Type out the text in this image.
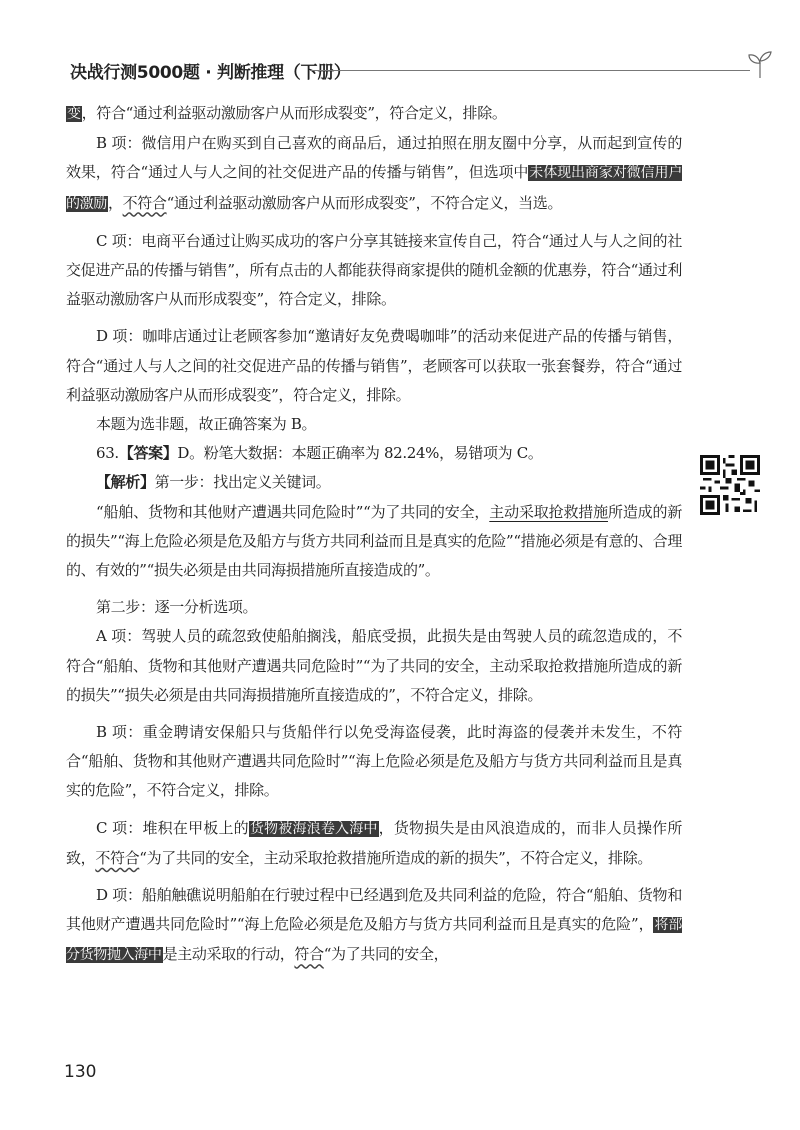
决战行测5000题 · 判断推理（下册）

变，符合“通过利益驱动激励客户从而形成裂变”，符合定义，排除。

B 项：微信用户在购买到自己喜欢的商品后，通过拍照在朋友圈中分享，从而起到宣传的效果，符合“通过人与人之间的社交促进产品的传播与销售”，但选项中未体现出商家对微信用户的激励，不符合“通过利益驱动激励客户从而形成裂变”，不符合定义，当选。

C 项：电商平台通过让购买成功的客户分享其链接来宣传自己，符合“通过人与人之间的社交促进产品的传播与销售”，所有点击的人都能获得商家提供的随机金额的优惠券，符合“通过利益驱动激励客户从而形成裂变”，符合定义，排除。

D 项：咖啡店通过让老顾客参加“邀请好友免费喝咖啡”的活动来促进产品的传播与销售，符合“通过人与人之间的社交促进产品的传播与销售”，老顾客可以获取一张套餐券，符合“通过利益驱动激励客户从而形成裂变”，符合定义，排除。

本题为选非题，故正确答案为 B。

63.【答案】D。粉笔大数据：本题正确率为 82.24%，易错项为 C。

【解析】第一步：找出定义关键词。

“船舶、货物和其他财产遭遇共同危险时”“为了共同的安全，主动采取抢救措施所造成的新的损失”“海上危险必须是危及船方与货方共同利益而且是真实的危险”“措施必须是有意的、合理的、有效的”“损失必须是由共同海损措施所直接造成的”。

第二步：逐一分析选项。

A 项：驾驶人员的疏忽致使船舶搁浅，船底受损，此损失是由驾驶人员的疏忽造成的，不符合“船舶、货物和其他财产遭遇共同危险时”“为了共同的安全，主动采取抢救措施所造成的新的损失”“损失必须是由共同海损措施所直接造成的”，不符合定义，排除。

B 项：重金聘请安保船只与货船伴行以免受海盗侵袭，此时海盗的侵袭并未发生，不符合“船舶、货物和其他财产遭遇共同危险时”“海上危险必须是危及船方与货方共同利益而且是真实的危险”，不符合定义，排除。

C 项：堆积在甲板上的货物被海浪卷入海中，货物损失是由风浪造成的，而非人员操作所致，不符合“为了共同的安全，主动采取抢救措施所造成的新的损失”，不符合定义，排除。

D 项：船舶触礁说明船舶在行驶过程中已经遇到危及共同利益的危险，符合“船舶、货物和其他财产遭遇共同危险时”“海上危险必须是危及船方与货方共同利益而且是真实的危险”，将部分货物抛入海中是主动采取的行动，符合“为了共同的安全，

130
